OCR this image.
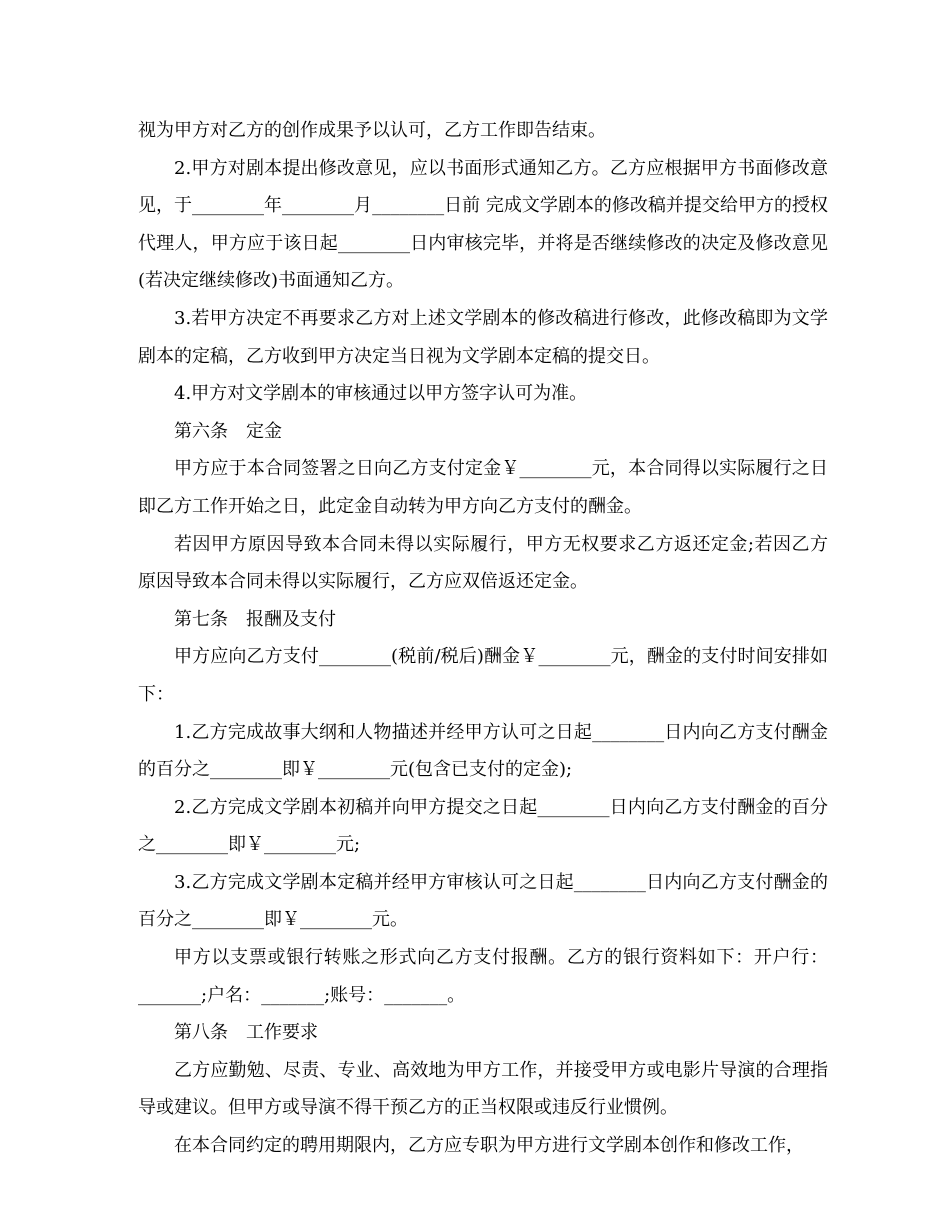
视为甲方对乙方的创作成果予以认可，乙方工作即告结束。

2.甲方对剧本提出修改意见，应以书面形式通知乙方。乙方应根据甲方书面修改意见，于________年________月________日前 完成文学剧本的修改稿并提交给甲方的授权代理人，甲方应于该日起________日内审核完毕，并将是否继续修改的决定及修改意见(若决定继续修改)书面通知乙方。

3.若甲方决定不再要求乙方对上述文学剧本的修改稿进行修改，此修改稿即为文学剧本的定稿，乙方收到甲方决定当日视为文学剧本定稿的提交日。

4.甲方对文学剧本的审核通过以甲方签字认可为准。

第六条　定金

甲方应于本合同签署之日向乙方支付定金￥________元，本合同得以实际履行之日即乙方工作开始之日，此定金自动转为甲方向乙方支付的酬金。

若因甲方原因导致本合同未得以实际履行，甲方无权要求乙方返还定金;若因乙方原因导致本合同未得以实际履行，乙方应双倍返还定金。

第七条　报酬及支付

甲方应向乙方支付________(税前/税后)酬金￥________元，酬金的支付时间安排如下：

1.乙方完成故事大纲和人物描述并经甲方认可之日起________日内向乙方支付酬金的百分之________即￥________元(包含已支付的定金);

2.乙方完成文学剧本初稿并向甲方提交之日起________日内向乙方支付酬金的百分之________即￥________元;

3.乙方完成文学剧本定稿并经甲方审核认可之日起________日内向乙方支付酬金的百分之________即￥________元。

甲方以支票或银行转账之形式向乙方支付报酬。乙方的银行资料如下：开户行：_______;户名：_______;账号：_______。

第八条　工作要求

乙方应勤勉、尽责、专业、高效地为甲方工作，并接受甲方或电影片导演的合理指导或建议。但甲方或导演不得干预乙方的正当权限或违反行业惯例。

在本合同约定的聘用期限内，乙方应专职为甲方进行文学剧本创作和修改工作，
